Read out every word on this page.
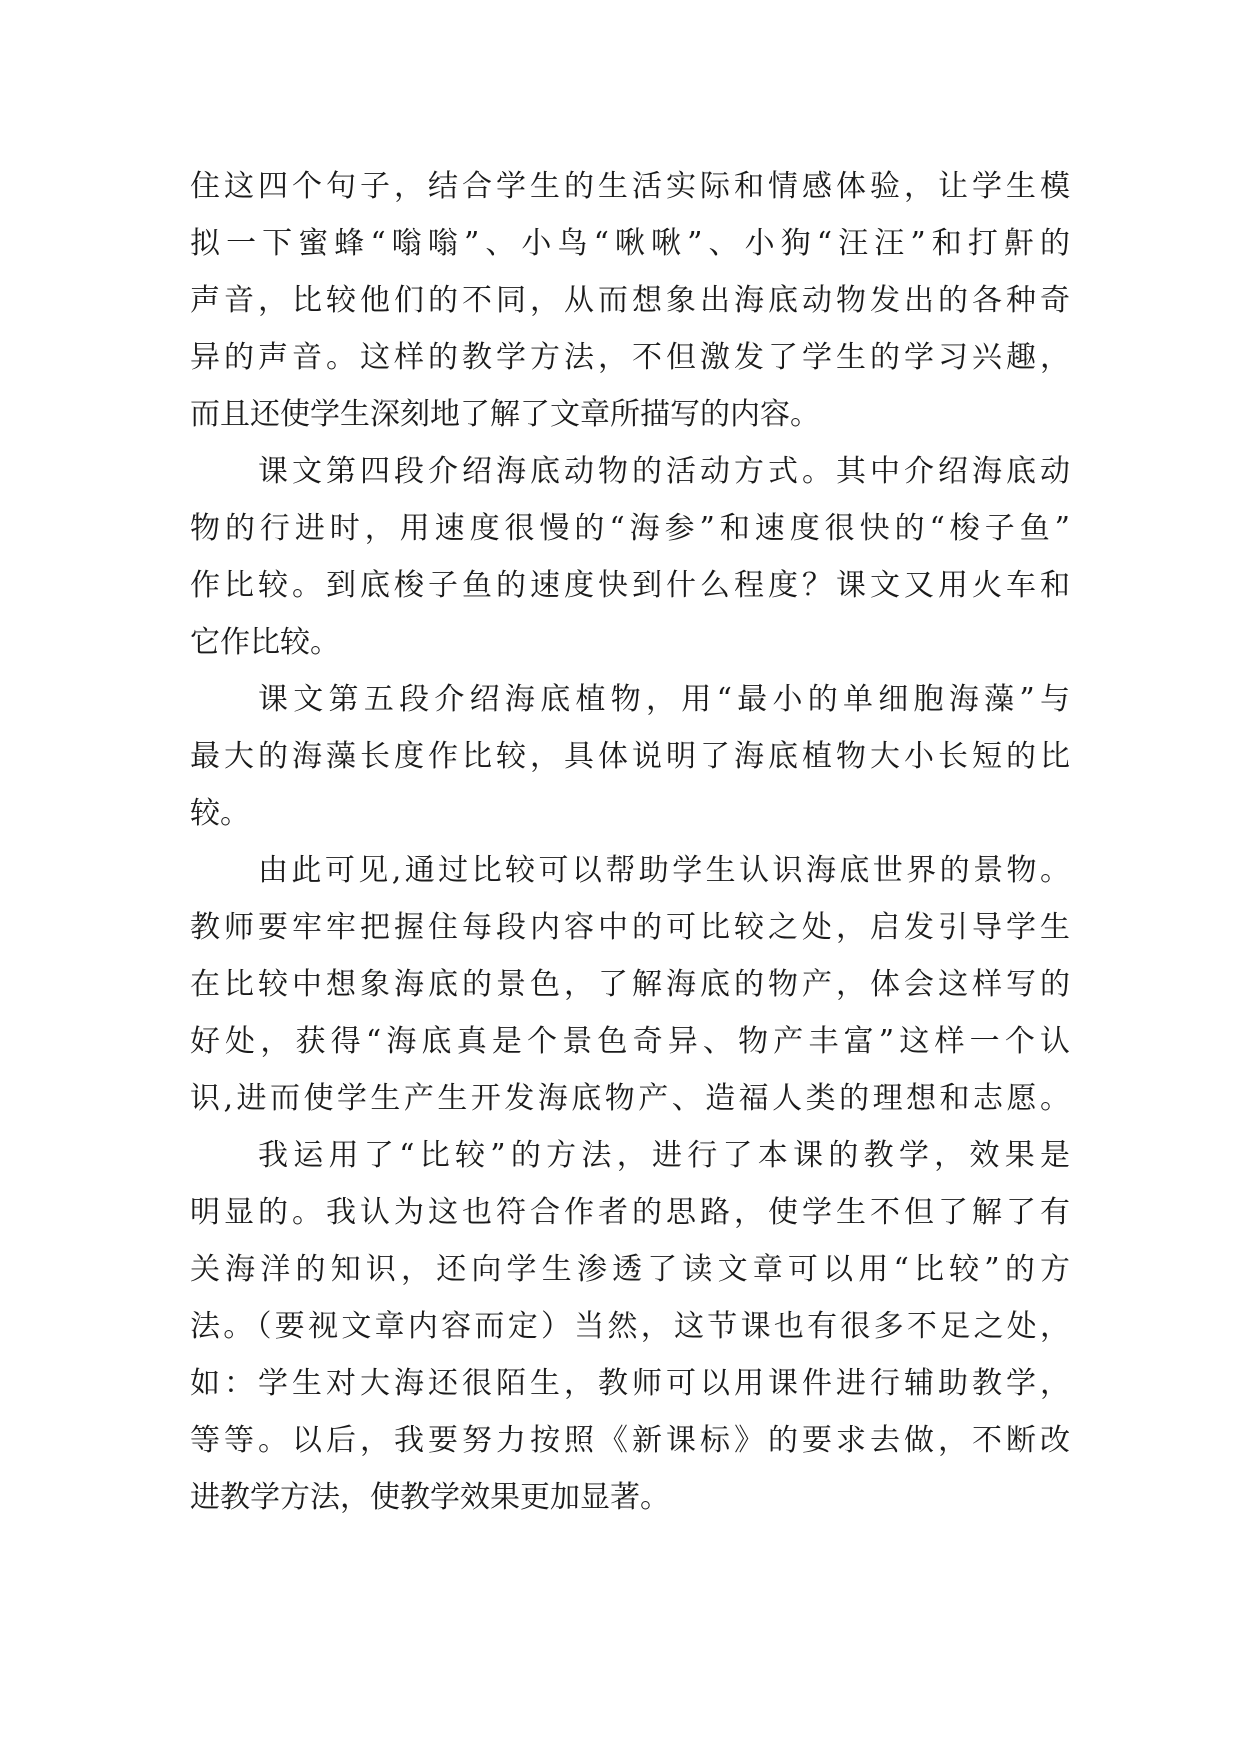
住这四个句子，结合学生的生活实际和情感体验，让学生模
拟一下蜜蜂“嗡嗡”、小鸟“啾啾”、小狗“汪汪”和打鼾的
声音，比较他们的不同，从而想象出海底动物发出的各种奇
异的声音。这样的教学方法，不但激发了学生的学习兴趣，
而且还使学生深刻地了解了文章所描写的内容。
课文第四段介绍海底动物的活动方式。其中介绍海底动
物的行进时，用速度很慢的“海参”和速度很快的“梭子鱼”
作比较。到底梭子鱼的速度快到什么程度？课文又用火车和
它作比较。
课文第五段介绍海底植物，用“最小的单细胞海藻”与
最大的海藻长度作比较，具体说明了海底植物大小长短的比
较。
由此可见,通过比较可以帮助学生认识海底世界的景物。
教师要牢牢把握住每段内容中的可比较之处，启发引导学生
在比较中想象海底的景色，了解海底的物产，体会这样写的
好处，获得“海底真是个景色奇异、物产丰富”这样一个认
识,进而使学生产生开发海底物产、造福人类的理想和志愿。
我运用了“比较”的方法，进行了本课的教学，效果是
明显的。我认为这也符合作者的思路，使学生不但了解了有
关海洋的知识，还向学生渗透了读文章可以用“比较”的方
法。（要视文章内容而定）当然，这节课也有很多不足之处，
如：学生对大海还很陌生，教师可以用课件进行辅助教学，
等等。以后，我要努力按照《新课标》的要求去做，不断改
进教学方法，使教学效果更加显著。
